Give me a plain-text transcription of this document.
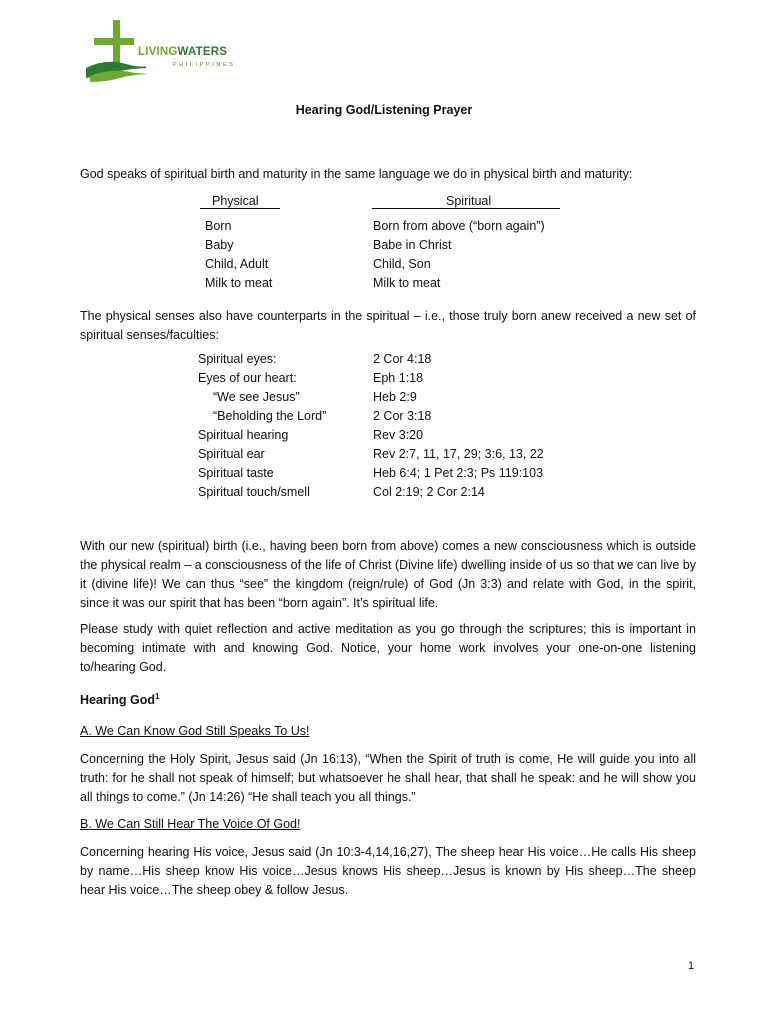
LIVINGWATERS
PHILIPPINES
Hearing God/Listening Prayer

God speaks of spiritual birth and maturity in the same language we do in physical birth and maturity:

Physical	Spiritual
Born	Born from above (“born again”)
Baby	Babe in Christ
Child, Adult	Child, Son
Milk to meat	Milk to meat

The physical senses also have counterparts in the spiritual – i.e., those truly born anew received a new set of spiritual senses/faculties:

Spiritual eyes:	2 Cor 4:18
Eyes of our heart:	Eph 1:18
“We see Jesus”	Heb 2:9
“Beholding the Lord”	2 Cor 3:18
Spiritual hearing	Rev 3:20
Spiritual ear	Rev 2:7, 11, 17, 29; 3:6, 13, 22
Spiritual taste	Heb 6:4; 1 Pet 2:3; Ps 119:103
Spiritual touch/smell	Col 2:19; 2 Cor 2:14

With our new (spiritual) birth (i.e., having been born from above) comes a new consciousness which is outside the physical realm – a consciousness of the life of Christ (Divine life) dwelling inside of us so that we can live by it (divine life)! We can thus “see” the kingdom (reign/rule) of God (Jn 3:3) and relate with God, in the spirit, since it was our spirit that has been “born again”. It’s spiritual life.

Please study with quiet reflection and active meditation as you go through the scriptures; this is important in becoming intimate with and knowing God. Notice, your home work involves your one-on-one listening to/hearing God.

Hearing God$^1$
A. We Can Know God Still Speaks To Us!

Concerning the Holy Spirit, Jesus said (Jn 16:13), “When the Spirit of truth is come, He will guide you into all truth: for he shall not speak of himself; but whatsoever he shall hear, that shall he speak: and he will show you all things to come.” (Jn 14:26) “He shall teach you all things.”

B. We Can Still Hear The Voice Of God!

Concerning hearing His voice, Jesus said (Jn 10:3-4,14,16,27), The sheep hear His voice…He calls His sheep by name…His sheep know His voice…Jesus knows His sheep…Jesus is known by His sheep…The sheep hear His voice…The sheep obey & follow Jesus.

1
